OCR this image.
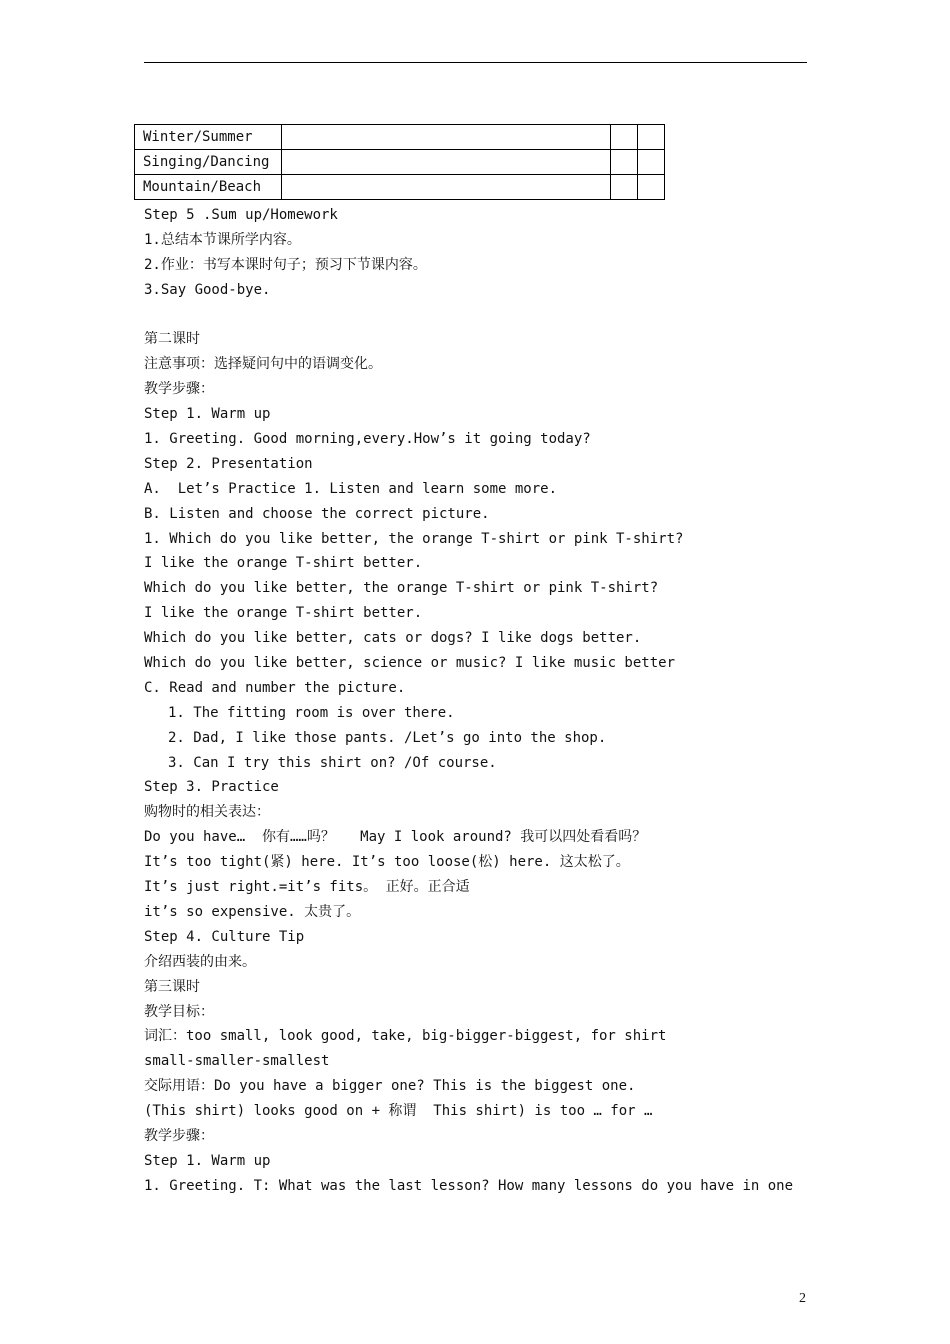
Winter/Summer			
Singing/Dancing			
Mountain/Beach			
Step 5 .Sum up/Homework
1.总结本节课所学内容。
2.作业：书写本课时句子；预习下节课内容。
3.Say Good-bye.
第二课时
注意事项：选择疑问句中的语调变化。
教学步骤：
Step 1. Warm up
1. Greeting. Good morning,every.How’s it going today?
Step 2. Presentation
A.  Let’s Practice 1. Listen and learn some more.
B. Listen and choose the correct picture.
1. Which do you like better, the orange T-shirt or pink T-shirt?
I like the orange T-shirt better.
Which do you like better, the orange T-shirt or pink T-shirt?
I like the orange T-shirt better.
Which do you like better, cats or dogs? I like dogs better.
Which do you like better, science or music? I like music better
C. Read and number the picture.
1. The fitting room is over there.
2. Dad, I like those pants. /Let’s go into the shop.
3. Can I try this shirt on? /Of course.
Step 3. Practice
购物时的相关表达：
Do you have…  你有……吗？   May I look around? 我可以四处看看吗？
It’s too tight(紧) here. It’s too loose(松) here. 这太松了。
It’s just right.=it’s fits。 正好。正合适
it’s so expensive. 太贵了。
Step 4. Culture Tip
介绍西装的由来。
第三课时
教学目标：
词汇：too small, look good, take, big-bigger-biggest, for shirt
small-smaller-smallest
交际用语：Do you have a bigger one? This is the biggest one.
(This shirt) looks good on + 称谓  This shirt) is too … for …
教学步骤：
Step 1. Warm up
1. Greeting. T: What was the last lesson? How many lessons do you have in one
2
